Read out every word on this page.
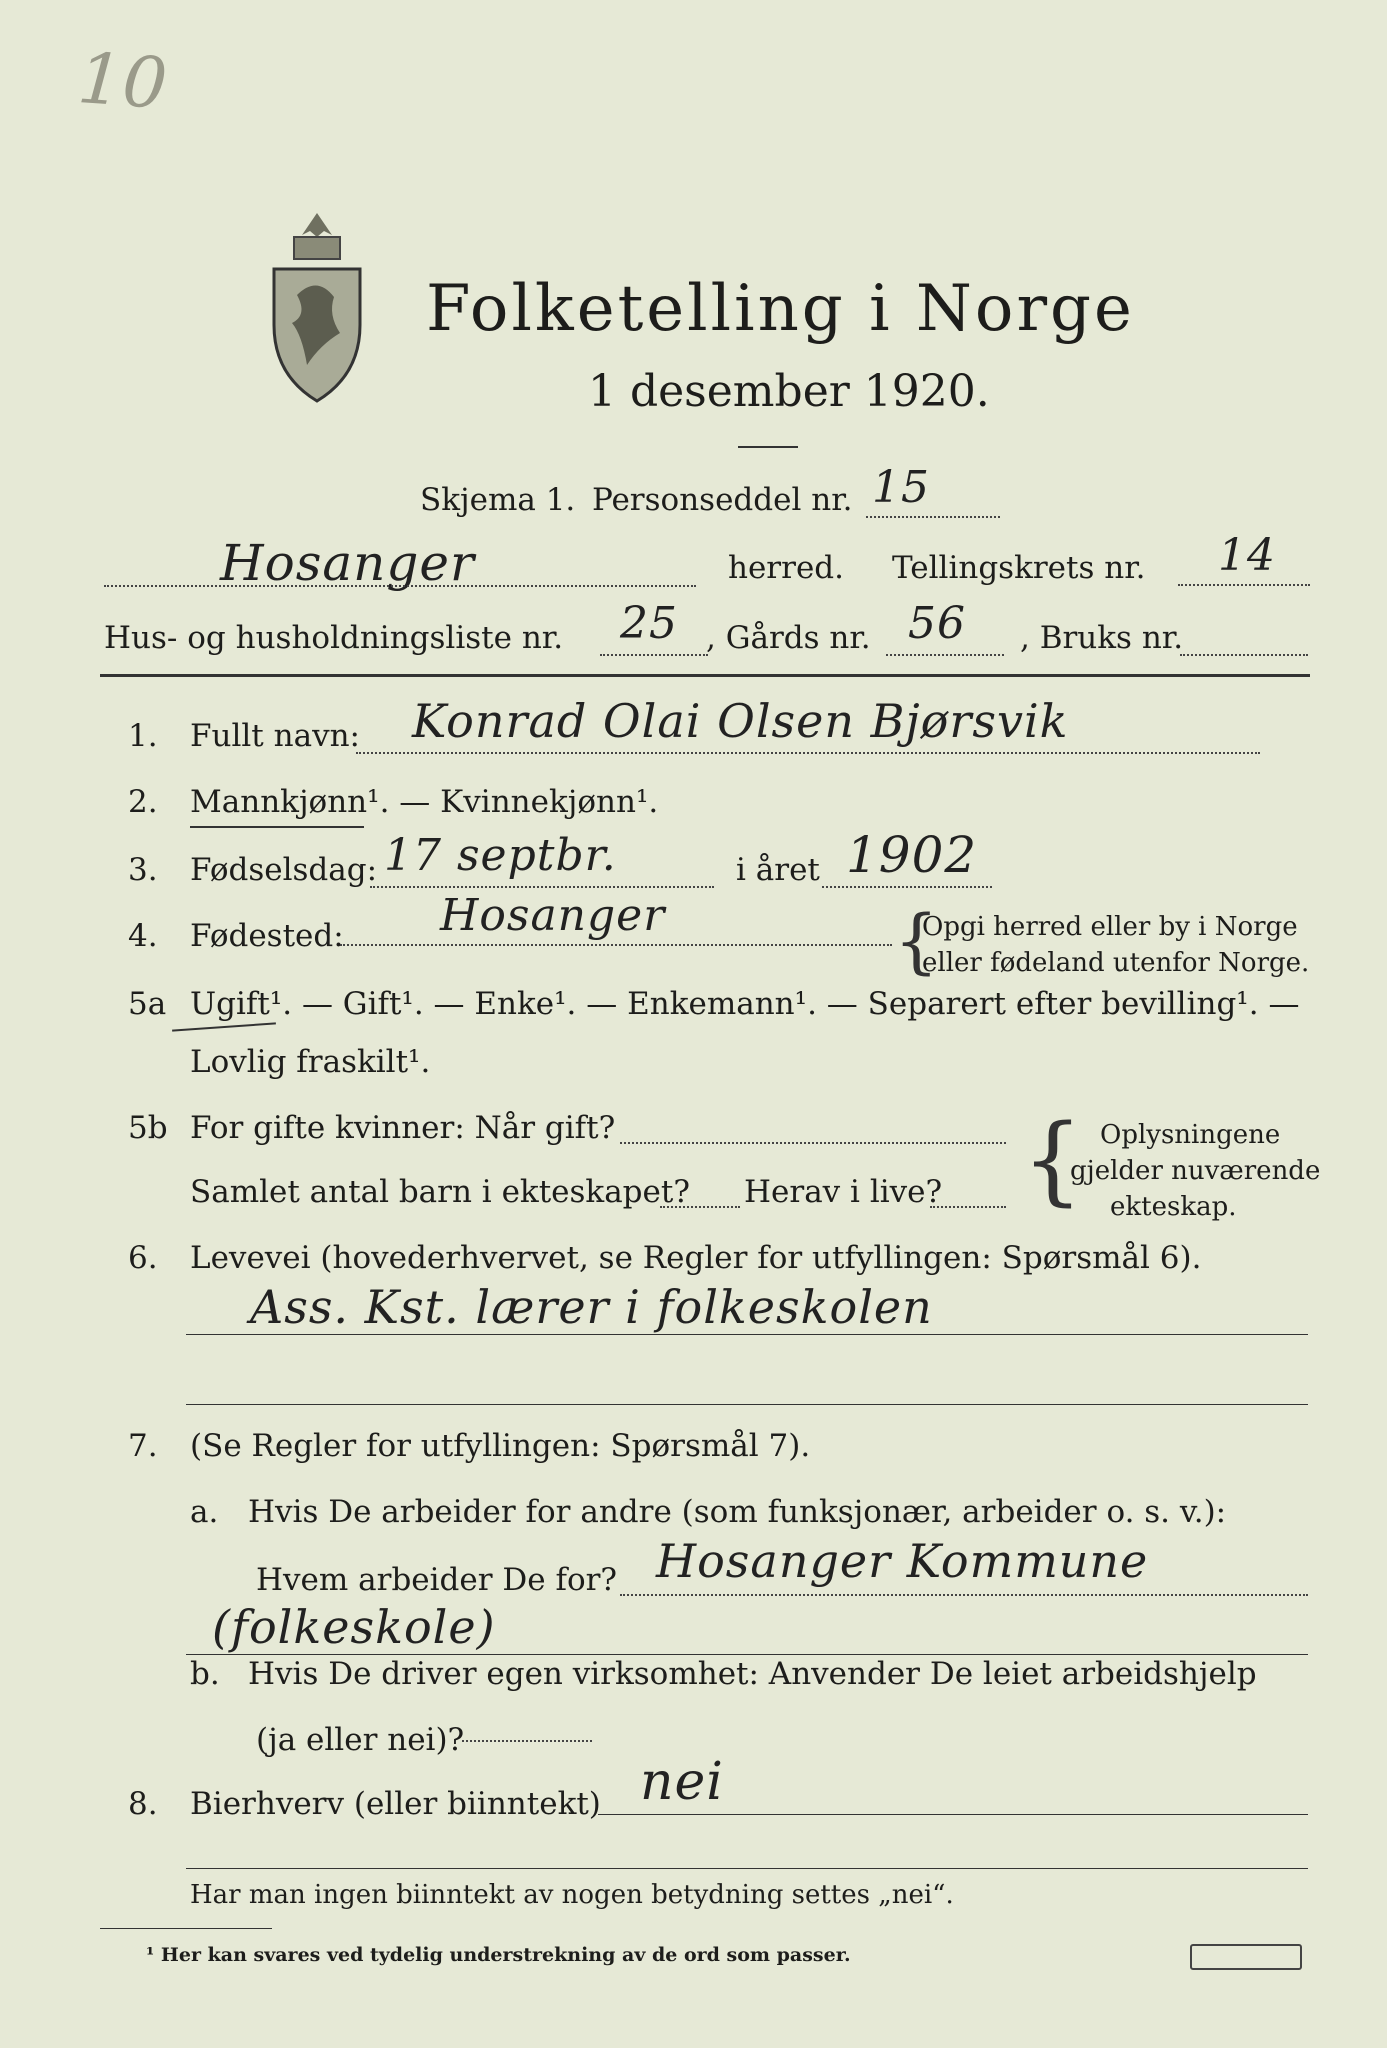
10
Folketelling i Norge
1 desember 1920.
Skjema 1. Personseddel nr. 15
Hosanger	herred. Tellingskrets nr. 14
Hus- og husholdningsliste nr. 25 , Gårds nr. 56 , Bruks nr.
1. Fullt navn: Konrad Olai Olsen Bjørsvik
2. Mannkjønn¹. — Kvinnekjønn¹.
3. Fødselsdag: 17 septbr.	i året 1902
4. Fødested: Hosanger	{
Opgi herred eller by i Norge
eller fødeland utenfor Norge.
5a Ugift¹. — Gift¹. — Enke¹. — Enkemann¹. — Separert efter bevilling¹. —
Lovlig fraskilt¹.
5b For gifte kvinner: Når gift?
Samlet antal barn i ekteskapet? Herav i live? { Oplysningene
gjelder nuværende
ekteskap.
6. Levevei (hovederhvervet, se Regler for utfyllingen: Spørsmål 6).
Ass. Kst. lærer i folkeskolen
7. (Se Regler for utfyllingen: Spørsmål 7).
a. Hvis De arbeider for andre (som funksjonær, arbeider o. s. v.):
Hvem arbeider De for? Hosanger Kommune
(folkeskole)
b. Hvis De driver egen virksomhet: Anvender De leiet arbeidshjelp
(ja eller nei)?
8. Bierhverv (eller biinntekt) nei
Har man ingen biinntekt av nogen betydning settes „nei“.
¹ Her kan svares ved tydelig understrekning av de ord som passer.
